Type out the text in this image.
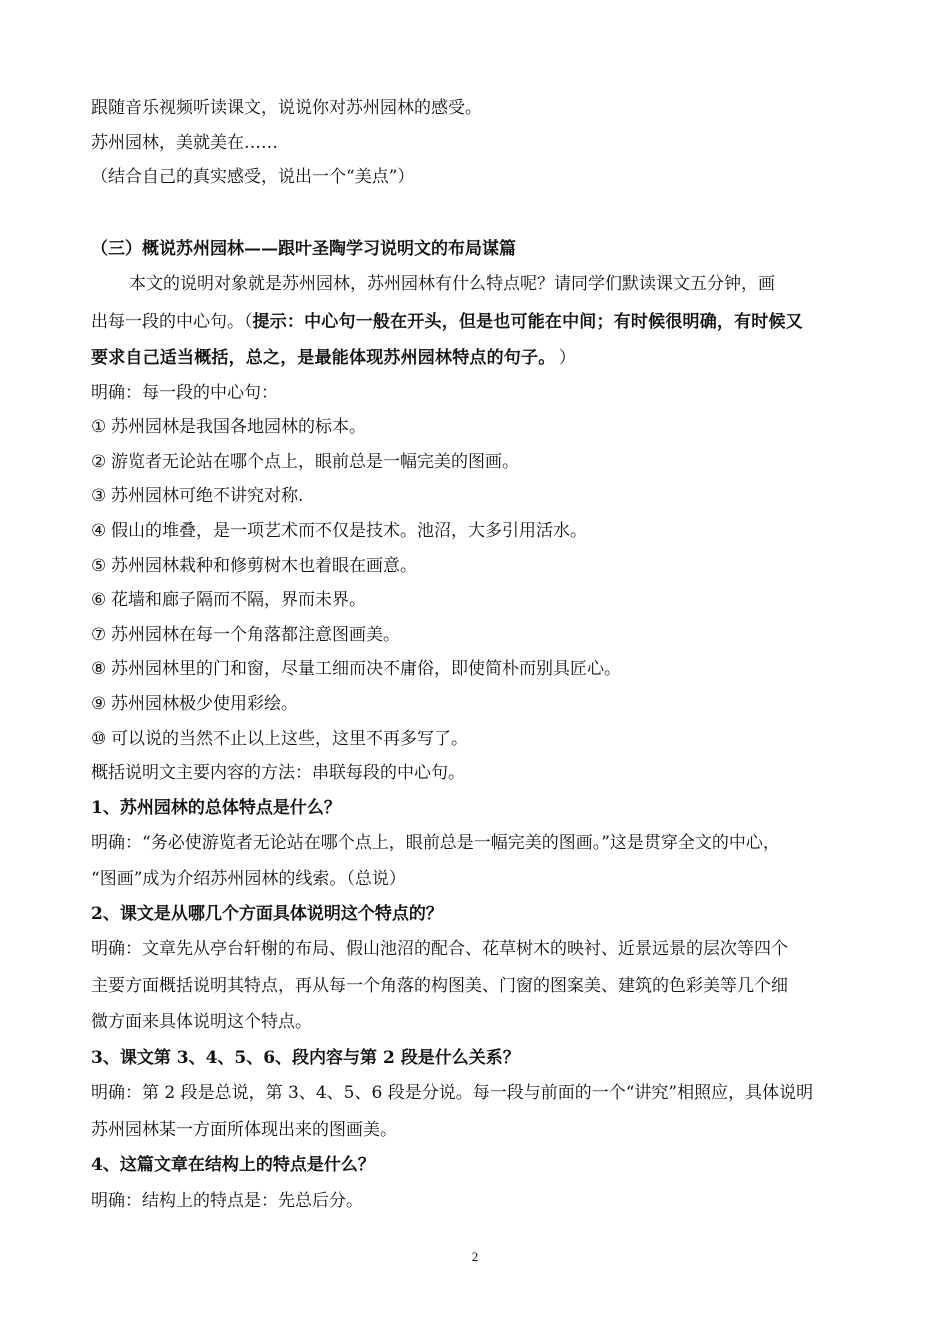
跟随音乐视频听读课文，说说你对苏州园林的感受。
苏州园林，美就美在……
（结合自己的真实感受，说出一个“美点”）
（三）概说苏州园林——跟叶圣陶学习说明文的布局谋篇
本文的说明对象就是苏州园林，苏州园林有什么特点呢？请同学们默读课文五分钟，画
出每一段的中心句。（提示：中心句一般在开头，但是也可能在中间；有时候很明确，有时候又
要求自己适当概括，总之，是最能体现苏州园林特点的句子。 ）
明确：每一段的中心句：
① 苏州园林是我国各地园林的标本。
② 游览者无论站在哪个点上，眼前总是一幅完美的图画。
③ 苏州园林可绝不讲究对称.
④ 假山的堆叠，是一项艺术而不仅是技术。池沼，大多引用活水。
⑤ 苏州园林栽种和修剪树木也着眼在画意。
⑥ 花墙和廊子隔而不隔，界而未界。
⑦ 苏州园林在每一个角落都注意图画美。
⑧ 苏州园林里的门和窗，尽量工细而决不庸俗，即使简朴而别具匠心。
⑨ 苏州园林极少使用彩绘。
⑩ 可以说的当然不止以上这些，这里不再多写了。
概括说明文主要内容的方法：串联每段的中心句。
1、苏州园林的总体特点是什么？
明确：“务必使游览者无论站在哪个点上，眼前总是一幅完美的图画。”这是贯穿全文的中心，
“图画”成为介绍苏州园林的线索。（总说）
2、课文是从哪几个方面具体说明这个特点的？
明确：文章先从亭台轩榭的布局、假山池沼的配合、花草树木的映衬、近景远景的层次等四个
主要方面概括说明其特点，再从每一个角落的构图美、门窗的图案美、建筑的色彩美等几个细
微方面来具体说明这个特点。
3、课文第 3、4、5、6、段内容与第 2 段是什么关系？
明确：第 2 段是总说，第 3、4、5、6 段是分说。每一段与前面的一个“讲究”相照应，具体说明
苏州园林某一方面所体现出来的图画美。
4、这篇文章在结构上的特点是什么？
明确：结构上的特点是：先总后分。
2
